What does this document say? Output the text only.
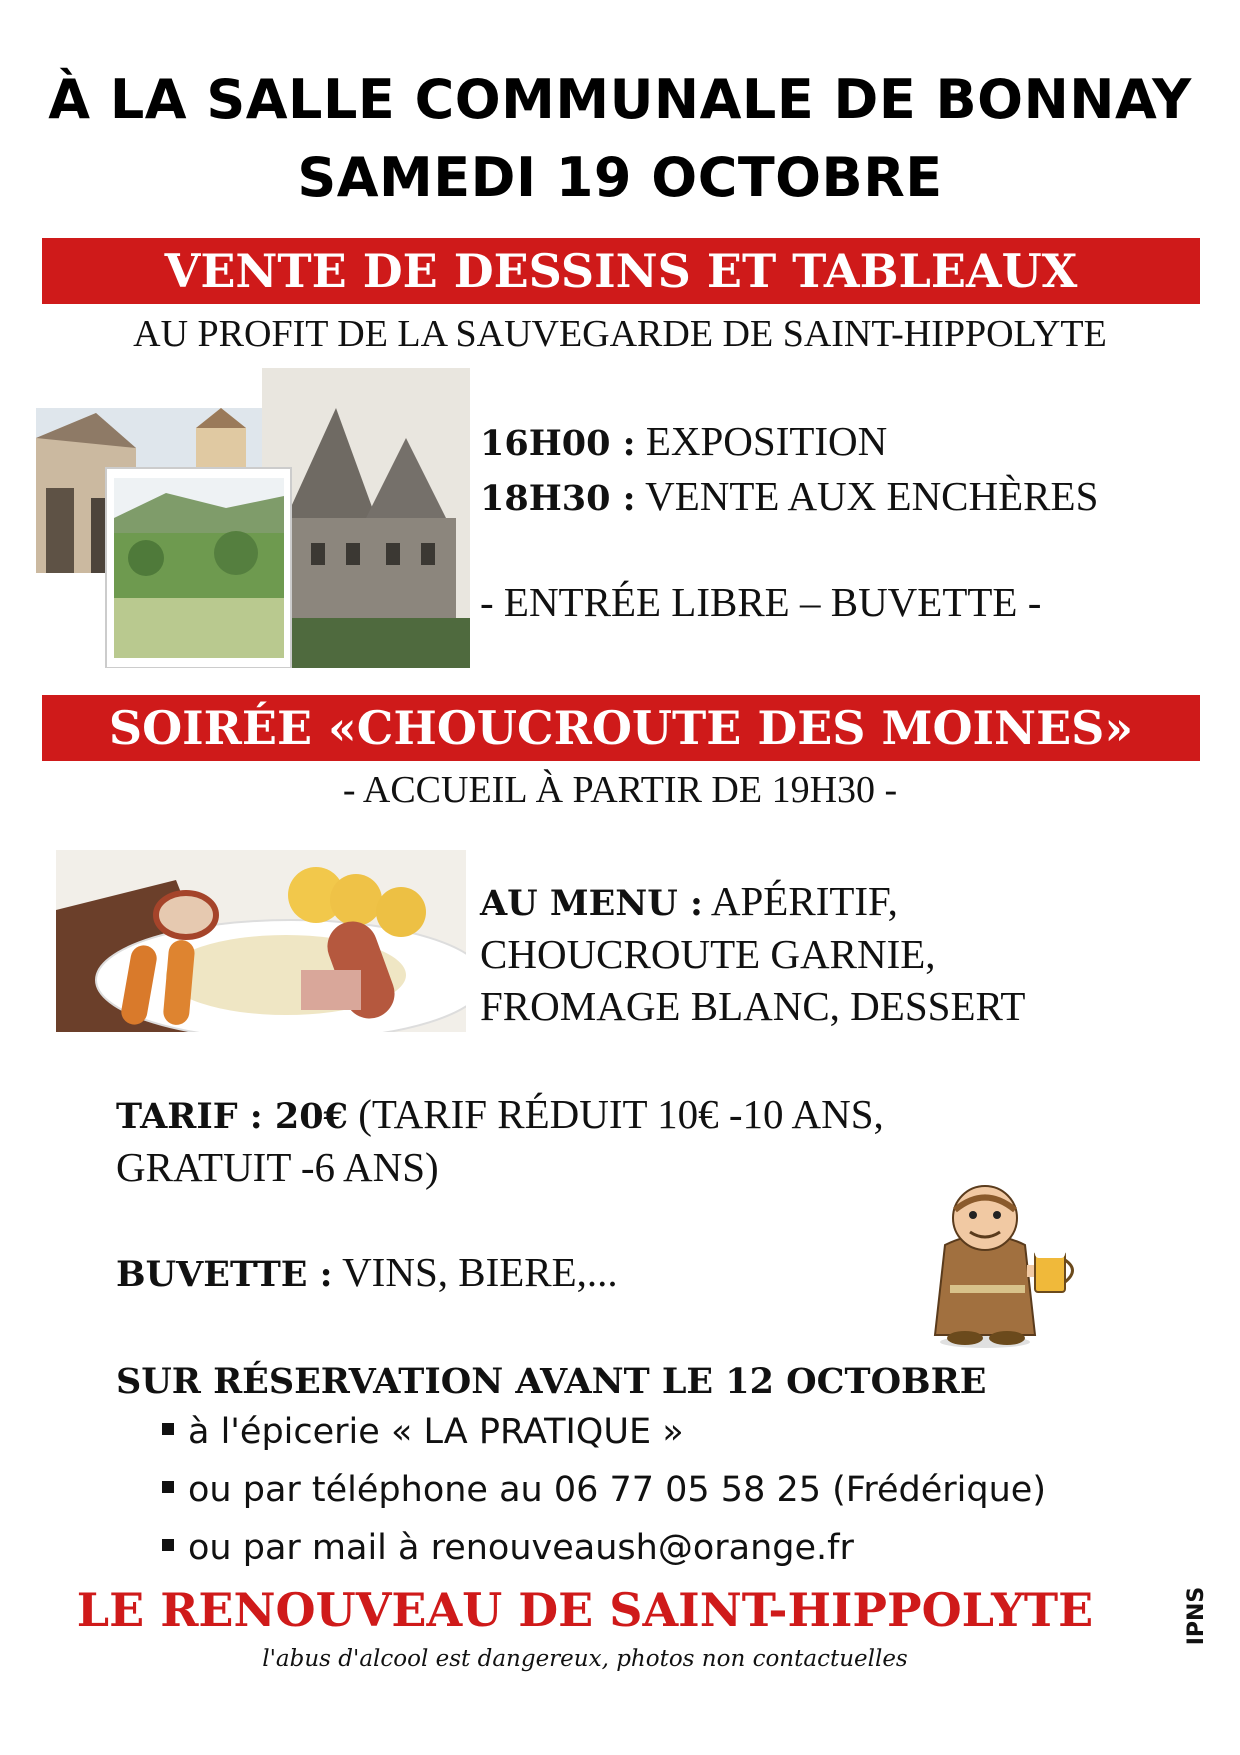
À LA SALLE COMMUNALE DE BONNAY
SAMEDI 19 OCTOBRE
VENTE DE DESSINS ET TABLEAUX
AU PROFIT DE LA SAUVEGARDE DE SAINT-HIPPOLYTE
16H00 : EXPOSITION
18H30 : VENTE AUX ENCHÈRES
- ENTRÉE LIBRE – BUVETTE -
SOIRÉE «CHOUCROUTE DES MOINES»
- ACCUEIL À PARTIR DE 19H30 -
AU MENU : APÉRITIF,
CHOUCROUTE GARNIE,
FROMAGE BLANC, DESSERT
TARIF : 20€ (TARIF RÉDUIT 10€ -10 ANS,
GRATUIT -6 ANS)
BUVETTE : VINS, BIERE,...
SUR RÉSERVATION AVANT LE 12 OCTOBRE
à l'épicerie « LA PRATIQUE »
ou par téléphone au 06 77 05 58 25 (Frédérique)
ou par mail à renouveaush@orange.fr
LE RENOUVEAU DE SAINT-HIPPOLYTE
l'abus d'alcool est dangereux, photos non contactuelles
IPNS
